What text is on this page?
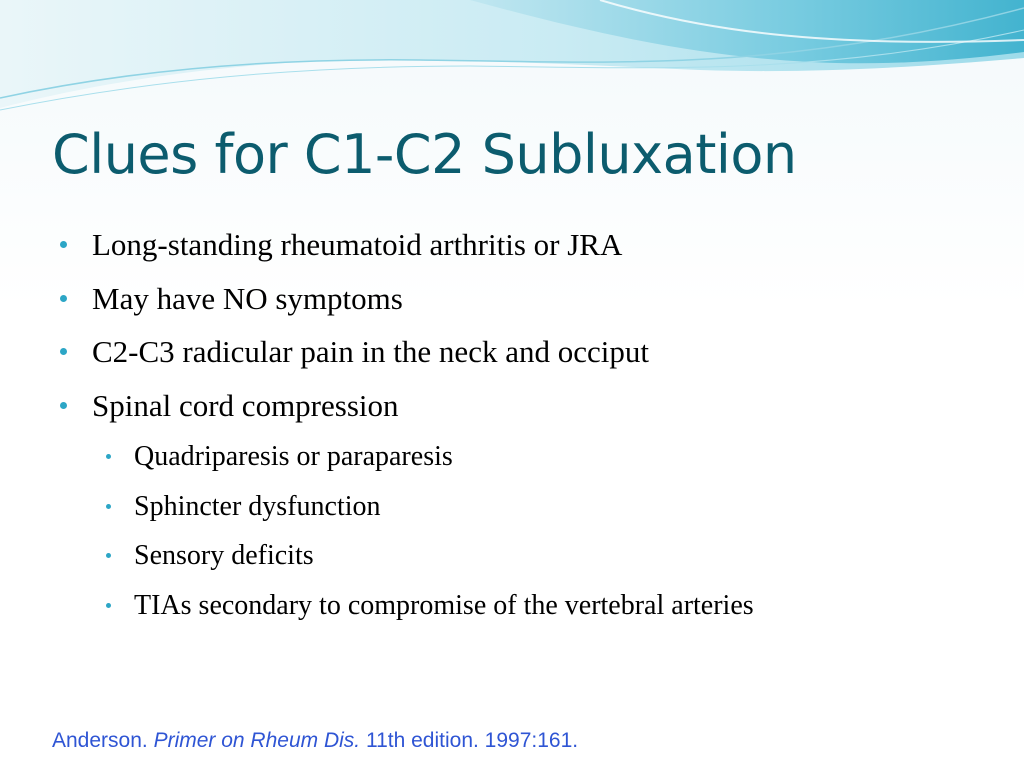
Clues for C1-C2 Subluxation
Long-standing rheumatoid arthritis or JRA
May have NO symptoms
C2-C3 radicular pain in the neck and occiput
Spinal cord compression
Quadriparesis or paraparesis
Sphincter dysfunction
Sensory deficits
TIAs secondary to compromise of the vertebral arteries

Anderson. Primer on Rheum Dis. 11th edition. 1997:161.
